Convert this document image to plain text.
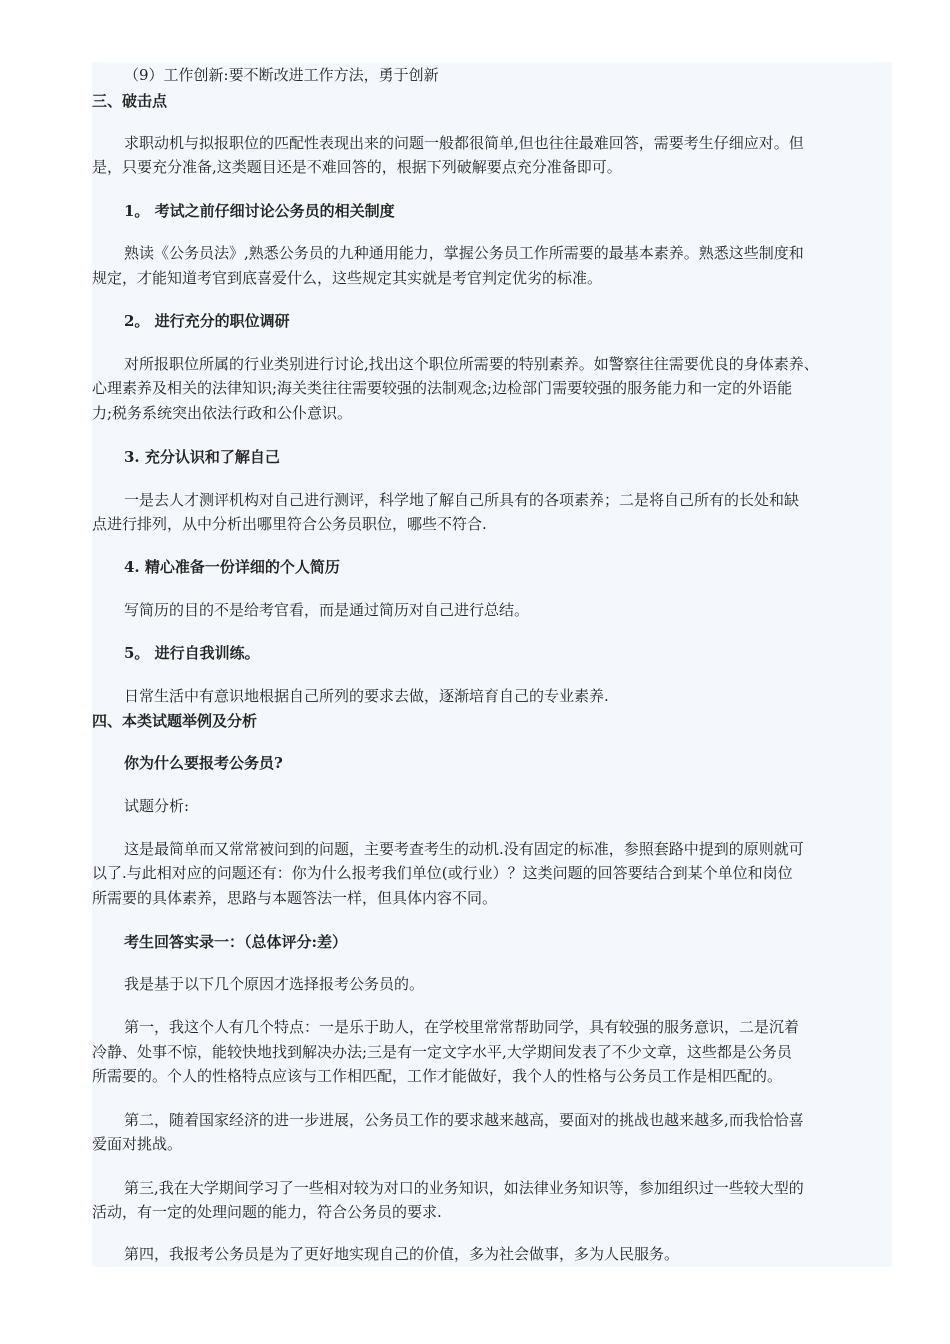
（9）工作创新:要不断改进工作方法，勇于创新
三、破击点
求职动机与拟报职位的匹配性表现出来的问题一般都很简单,但也往往最难回答，需要考生仔细应对。但
是，只要充分准备,这类题目还是不难回答的，根据下列破解要点充分准备即可。
1。 考试之前仔细讨论公务员的相关制度
熟读《公务员法》,熟悉公务员的九种通用能力，掌握公务员工作所需要的最基本素养。熟悉这些制度和
规定，才能知道考官到底喜爱什么，这些规定其实就是考官判定优劣的标准。
2。 进行充分的职位调研
对所报职位所属的行业类别进行讨论,找出这个职位所需要的特别素养。如警察往往需要优良的身体素养、
心理素养及相关的法律知识;海关类往往需要较强的法制观念;边检部门需要较强的服务能力和一定的外语能
力;税务系统突出依法行政和公仆意识。
3. 充分认识和了解自己
一是去人才测评机构对自己进行测评，科学地了解自己所具有的各项素养；二是将自己所有的长处和缺
点进行排列，从中分析出哪里符合公务员职位，哪些不符合.
4. 精心准备一份详细的个人简历
写简历的目的不是给考官看，而是通过简历对自己进行总结。
5。 进行自我训练。
日常生活中有意识地根据自己所列的要求去做，逐渐培育自己的专业素养.
四、本类试题举例及分析
你为什么要报考公务员?
试题分析:
这是最简单而又常常被问到的问题，主要考查考生的动机.没有固定的标准，参照套路中提到的原则就可
以了.与此相对应的问题还有：你为什么报考我们单位(或行业）？这类问题的回答要结合到某个单位和岗位
所需要的具体素养，思路与本题答法一样，但具体内容不同。
考生回答实录一：（总体评分:差）
我是基于以下几个原因才选择报考公务员的。
第一，我这个人有几个特点：一是乐于助人，在学校里常常帮助同学，具有较强的服务意识，二是沉着
冷静、处事不惊，能较快地找到解决办法;三是有一定文字水平,大学期间发表了不少文章，这些都是公务员
所需要的。个人的性格特点应该与工作相匹配，工作才能做好，我个人的性格与公务员工作是相匹配的。
第二，随着国家经济的进一步进展，公务员工作的要求越来越高，要面对的挑战也越来越多,而我恰恰喜
爱面对挑战。
第三,我在大学期间学习了一些相对较为对口的业务知识，如法律业务知识等，参加组织过一些较大型的
活动，有一定的处理问题的能力，符合公务员的要求.
第四，我报考公务员是为了更好地实现自己的价值，多为社会做事，多为人民服务。
